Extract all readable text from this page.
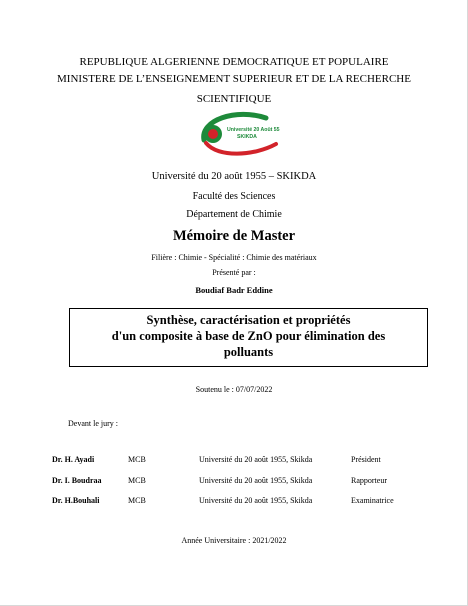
REPUBLIQUE ALGERIENNE DEMOCRATIQUE ET POPULAIRE
MINISTERE DE L’ENSEIGNEMENT SUPERIEUR ET DE LA RECHERCHE
SCIENTIFIQUE
Université 20 Août 55
SKIKDA
Université du 20 août 1955 – SKIKDA
Faculté des Sciences
Département de Chimie
Mémoire de Master
Filière : Chimie - Spécialité : Chimie des matériaux
Présenté par :
Boudiaf Badr Eddine
Synthèse, caractérisation et propriétés
d'un composite à base de ZnO pour élimination des
polluants
Soutenu le : 07/07/2022
Devant le jury :
Dr. H. Ayadi	MCB	Université du 20 août 1955, Skikda	Président
Dr. I. Boudraa	MCB	Université du 20 août 1955, Skikda	Rapporteur
Dr. H.Bouhali	MCB	Université du 20 août 1955, Skikda	Examinatrice
Année Universitaire : 2021/2022
